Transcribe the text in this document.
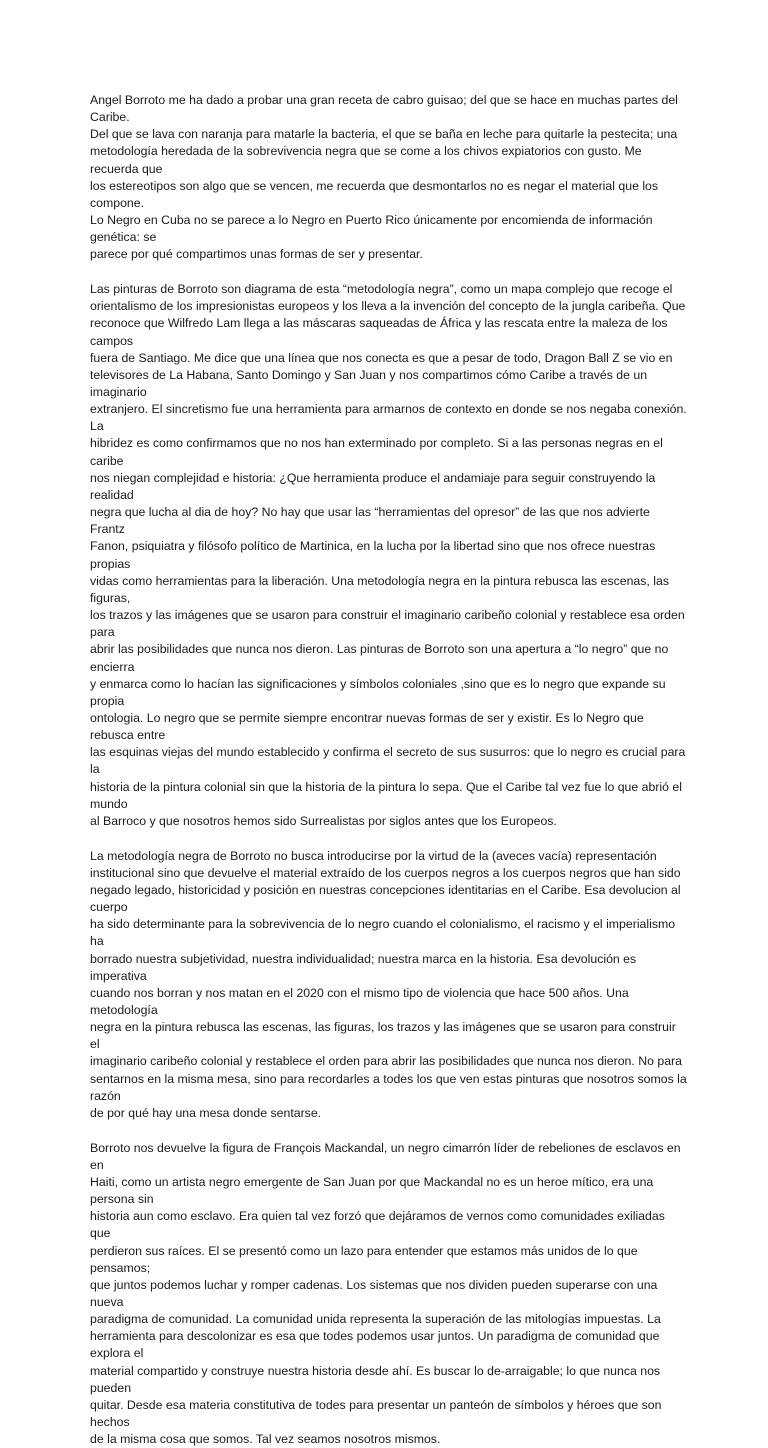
Angel Borroto me ha dado a probar una gran receta de cabro guisao; del que se hace en muchas partes del Caribe.
Del que se lava con naranja para matarle la bacteria, el que se baña en leche para quitarle la pestecita; una
metodología heredada de la sobrevivencia negra que se come a los chivos expiatorios con gusto. Me recuerda que
los estereotipos son algo que se vencen, me recuerda que desmontarlos no es negar el material que los compone.
Lo Negro en Cuba no se parece a lo Negro en Puerto Rico únicamente por encomienda de información genética: se
parece por qué compartimos unas formas de ser y presentar.

Las pinturas de Borroto son diagrama de esta “metodología negra”, como un mapa complejo que recoge el
orientalismo de los impresionistas europeos y los lleva a la invención del concepto de la jungla caribeña. Que
reconoce que Wilfredo Lam llega a las máscaras saqueadas de África y las rescata entre la maleza de los campos
fuera de Santiago. Me dice que una línea que nos conecta es que a pesar de todo, Dragon Ball Z se vio en
televisores de La Habana, Santo Domingo y San Juan y nos compartimos cómo Caribe a través de un imaginario
extranjero. El sincretismo fue una herramienta para armarnos de contexto en donde se nos negaba conexión. La
hibridez es como confirmamos que no nos han exterminado por completo. Si a las personas negras en el caribe
nos niegan complejidad e historia: ¿Que herramienta produce el andamiaje para seguir construyendo la realidad
negra que lucha al dia de hoy? No hay que usar las “herramientas del opresor” de las que nos advierte Frantz
Fanon, psiquiatra y filósofo político de Martinica, en la lucha por la libertad sino que nos ofrece nuestras propias
vidas como herramientas para la liberación. Una metodología negra en la pintura rebusca las escenas, las figuras,
los trazos y las imágenes que se usaron para construir el imaginario caribeño colonial y restablece esa orden para
abrir las posibilidades que nunca nos dieron. Las pinturas de Borroto son una apertura a “lo negro” que no encierra
y enmarca como lo hacían las significaciones y símbolos coloniales ,sino que es lo negro que expande su propia
ontologia. Lo negro que se permite siempre encontrar nuevas formas de ser y existir. Es lo Negro que rebusca entre
las esquinas viejas del mundo establecido y confirma el secreto de sus susurros: que lo negro es crucial para la
historia de la pintura colonial sin que la historia de la pintura lo sepa. Que el Caribe tal vez fue lo que abrió el mundo
al Barroco y que nosotros hemos sido Surrealistas por siglos antes que los Europeos.

La metodología negra de Borroto no busca introducirse por la virtud de la (aveces vacía) representación
institucional sino que devuelve el material extraído de los cuerpos negros a los cuerpos negros que han sido
negado legado, historicidad y posición en nuestras concepciones identitarias en el Caribe. Esa devolucion al cuerpo
ha sido determinante para la sobrevivencia de lo negro cuando el colonialismo, el racismo y el imperialismo ha
borrado nuestra subjetividad, nuestra individualidad; nuestra marca en la historia. Esa devolución es imperativa
cuando nos borran y nos matan en el 2020 con el mismo tipo de violencia que hace 500 años. Una metodología
negra en la pintura rebusca las escenas, las figuras, los trazos y las imágenes que se usaron para construir el
imaginario caribeño colonial y restablece el orden para abrir las posibilidades que nunca nos dieron. No para
sentarnos en la misma mesa, sino para recordarles a todes los que ven estas pinturas que nosotros somos la razón
de por qué hay una mesa donde sentarse.

Borroto nos devuelve la figura de François Mackandal, un negro cimarrón líder de rebeliones de esclavos en en
Haiti, como un artista negro emergente de San Juan por que Mackandal no es un heroe mítico, era una persona sin
historia aun como esclavo. Era quien tal vez forzó que dejáramos de vernos como comunidades exiliadas que
perdieron sus raíces. El se presentó como un lazo para entender que estamos más unidos de lo que pensamos;
que juntos podemos luchar y romper cadenas. Los sistemas que nos dividen pueden superarse con una nueva
paradigma de comunidad. La comunidad unida representa la superación de las mitologías impuestas. La
herramienta para descolonizar es esa que todes podemos usar juntos. Un paradigma de comunidad que explora el
material compartido y construye nuestra historia desde ahí. Es buscar lo de-arraigable; lo que nunca nos pueden
quitar. Desde esa materia constitutiva de todes para presentar un panteón de símbolos y héroes que son hechos
de la misma cosa que somos. Tal vez seamos nosotros mismos.
